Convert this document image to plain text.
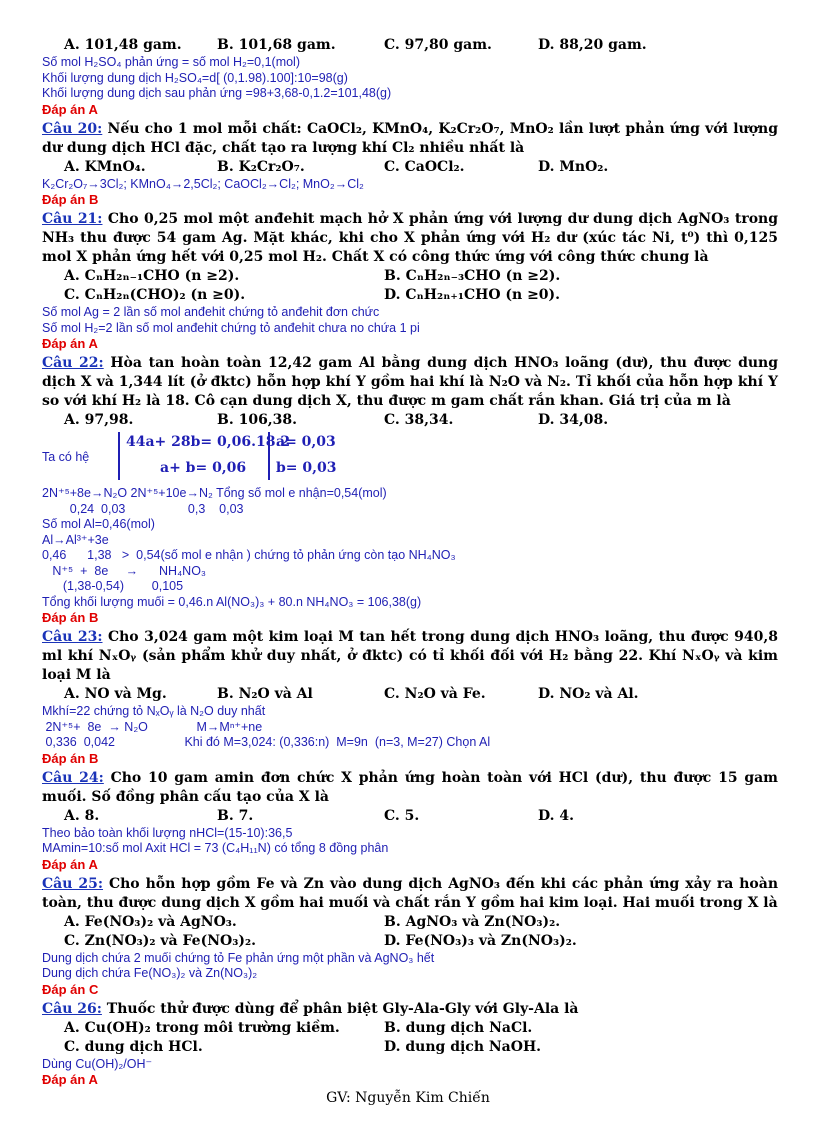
A. 101,48 gam.	B. 101,68 gam.	C. 97,80 gam.	D. 88,20 gam.
Số mol H₂SO₄ phản ứng = số mol H₂=0,1(mol)
Khối lượng dung dịch H₂SO₄=d[ (0,1.98).100]:10=98(g)
Khối lượng dung dịch sau phản ứng =98+3,68-0,1.2=101,48(g)
Đáp án A
Câu 20: Nếu cho 1 mol mỗi chất: CaOCl₂, KMnO₄, K₂Cr₂O₇, MnO₂ lần lượt phản ứng với lượng dư dung dịch HCl đặc, chất tạo ra lượng khí Cl₂ nhiều nhất là
A. KMnO₄.	B. K₂Cr₂O₇.	C. CaOCl₂.	D. MnO₂.
K₂Cr₂O₇→3Cl₂; KMnO₄→2,5Cl₂; CaOCl₂→Cl₂; MnO₂→Cl₂
Đáp án B
Câu 21: Cho 0,25 mol một anđehit mạch hở X phản ứng với lượng dư dung dịch AgNO₃ trong NH₃ thu được 54 gam Ag. Mặt khác, khi cho X phản ứng với H₂ dư (xúc tác Ni, t⁰) thì 0,125 mol X phản ứng hết với 0,25 mol H₂. Chất X có công thức ứng với công thức chung là
A. CₙH₂ₙ₋₁CHO (n ≥2).	B. CₙH₂ₙ₋₃CHO (n ≥2).
C. CₙH₂ₙ(CHO)₂ (n ≥0).	D. CₙH₂ₙ₊₁CHO (n ≥0).
Số mol Ag = 2 lần số mol anđehit chứng tỏ anđehit đơn chức
Số mol H₂=2 lần số mol anđehit chứng tỏ anđehit chưa no chứa 1 pi
Đáp án A
Câu 22: Hòa tan hoàn toàn 12,42 gam Al bằng dung dịch HNO₃ loãng (dư), thu được dung dịch X và 1,344 lít (ở đktc) hỗn hợp khí Y gồm hai khí là N₂O và N₂. Tỉ khối của hỗn hợp khí Y so với khí H₂ là 18. Cô cạn dung dịch X, thu được m gam chất rắn khan. Giá trị của m là
A. 97,98.	B. 106,38.	C. 38,34.	D. 34,08.
Ta có hệ
44a+ 28b= 0,06.18.2
a+ b= 0,06
a= 0,03
b= 0,03
2N⁺⁵+8e→N₂O 2N⁺⁵+10e→N₂ Tổng số mol e nhận=0,54(mol)
0,24  0,03                  0,3    0,03
Số mol Al=0,46(mol)
Al→Al³⁺+3e
0,46      1,38   >  0,54(số mol e nhận ) chứng tỏ phản ứng còn tạo NH₄NO₃
N⁺⁵  +  8e     →      NH₄NO₃
(1,38-0,54)        0,105
Tổng khối lượng muối = 0,46.n Al(NO₃)₃ + 80.n NH₄NO₃ = 106,38(g)
Đáp án B
Câu 23: Cho 3,024 gam một kim loại M tan hết trong dung dịch HNO₃ loãng, thu được 940,8 ml khí NₓOᵧ (sản phẩm khử duy nhất, ở đktc) có tỉ khối đối với H₂ bằng 22. Khí NₓOᵧ và kim loại M là
A. NO và Mg.	B. N₂O và Al	C. N₂O và Fe.	D. NO₂ và Al.
Mkhí=22 chứng tỏ NₓOᵧ là N₂O duy nhất
2N⁺⁵+  8e  → N₂O              M→Mⁿ⁺+ne
0,336  0,042                    Khi đó M=3,024: (0,336:n)  M=9n  (n=3, M=27) Chọn Al
Đáp án B
Câu 24: Cho 10 gam amin đơn chức X phản ứng hoàn toàn với HCl (dư), thu được 15 gam muối. Số đồng phân cấu tạo của X là
A. 8.	B. 7.	C. 5.	D. 4.
Theo bảo toàn khối lượng nHCl=(15-10):36,5
MAmin=10:số mol Axit HCl = 73 (C₄H₁₁N) có tổng 8 đồng phân
Đáp án A
Câu 25: Cho hỗn hợp gồm Fe và Zn vào dung dịch AgNO₃ đến khi các phản ứng xảy ra hoàn toàn, thu được dung dịch X gồm hai muối và chất rắn Y gồm hai kim loại. Hai muối trong X là
A. Fe(NO₃)₂ và AgNO₃.	B. AgNO₃ và Zn(NO₃)₂.
C. Zn(NO₃)₂ và Fe(NO₃)₂.	D. Fe(NO₃)₃ và Zn(NO₃)₂.
Dung dịch chứa 2 muối chứng tỏ Fe phản ứng một phần và AgNO₃ hết
Dung dịch chứa Fe(NO₃)₂ và Zn(NO₃)₂
Đáp án C
Câu 26: Thuốc thử được dùng để phân biệt Gly-Ala-Gly với Gly-Ala là
A. Cu(OH)₂ trong môi trường kiềm.	B. dung dịch NaCl.
C. dung dịch HCl.	D. dung dịch NaOH.
Dùng Cu(OH)₂/OH⁻
Đáp án A
GV: Nguyễn Kim Chiến
